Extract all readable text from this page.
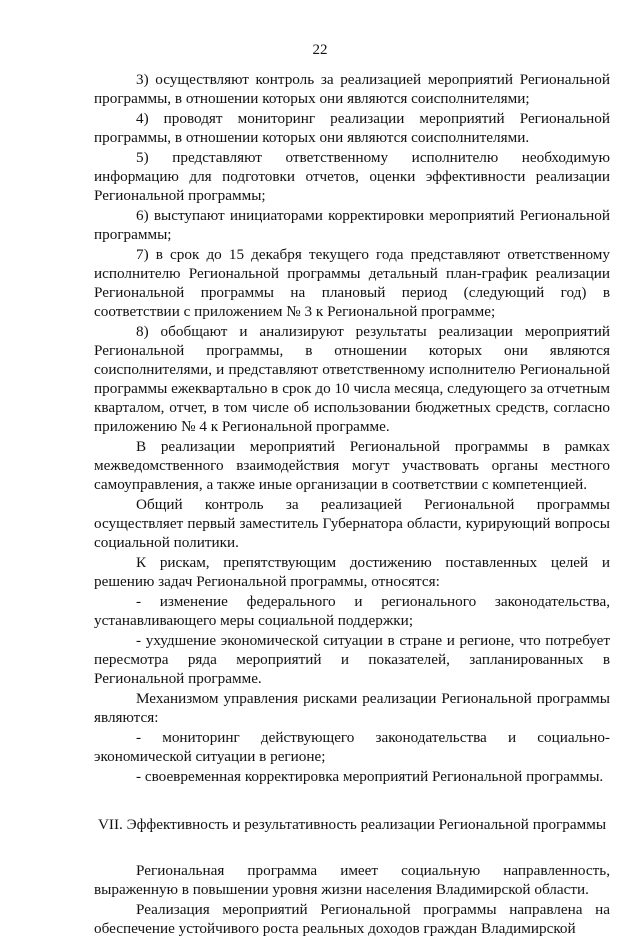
22

3) осуществляют контроль за реализацией мероприятий Региональной программы, в отношении которых они являются соисполнителями;

4) проводят мониторинг реализации мероприятий Региональной программы, в отношении которых они являются соисполнителями.

5) представляют ответственному исполнителю необходимую информацию для подготовки отчетов, оценки эффективности реализации Региональной программы;

6) выступают инициаторами корректировки мероприятий Региональной программы;

7) в срок до 15 декабря текущего года представляют ответственному исполнителю Региональной программы детальный план-график реализации Региональной программы на плановый период (следующий год) в соответствии с приложением № 3 к Региональной программе;

8) обобщают и анализируют результаты реализации мероприятий Региональной программы, в отношении которых они являются соисполнителями, и представляют ответственному исполнителю Региональной программы ежеквартально в срок до 10 числа месяца, следующего за отчетным кварталом, отчет, в том числе об использовании бюджетных средств, согласно приложению № 4 к Региональной программе.

В реализации мероприятий Региональной программы в рамках межведомственного взаимодействия могут участвовать органы местного самоуправления, а также иные организации в соответствии с компетенцией.

Общий контроль за реализацией Региональной программы осуществляет первый заместитель Губернатора области, курирующий вопросы социальной политики.

К рискам, препятствующим достижению поставленных целей и решению задач Региональной программы, относятся:

- изменение федерального и регионального законодательства, устанавливающего меры социальной поддержки;

- ухудшение экономической ситуации в стране и регионе, что потребует пересмотра ряда мероприятий и показателей, запланированных в Региональной программе.

Механизмом управления рисками реализации Региональной программы являются:

- мониторинг действующего законодательства и социально-экономической ситуации в регионе;

- своевременная корректировка мероприятий Региональной программы.

VII. Эффективность и результативность реализации Региональной программы

Региональная программа имеет социальную направленность, выраженную в повышении уровня жизни населения Владимирской области.

Реализация мероприятий Региональной программы направлена на обеспечение устойчивого роста реальных доходов граждан Владимирской
